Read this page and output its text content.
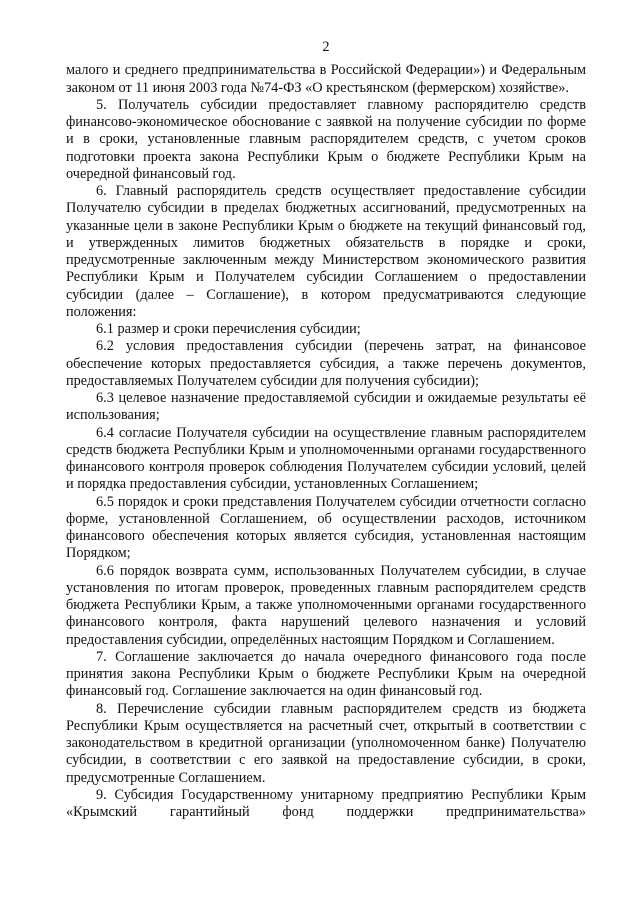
2

малого и среднего предпринимательства в Российской Федерации») и Федеральным законом от 11 июня 2003 года №74-ФЗ «О крестьянском (фермерском) хозяйстве».

5. Получатель субсидии предоставляет главному распорядителю средств финансово-экономическое обоснование с заявкой на получение субсидии по форме и в сроки, установленные главным распорядителем средств, с учетом сроков подготовки проекта закона Республики Крым о бюджете Республики Крым на очередной финансовый год.

6. Главный распорядитель средств осуществляет предоставление субсидии Получателю субсидии в пределах бюджетных ассигнований, предусмотренных на указанные цели в законе Республики Крым о бюджете на текущий финансовый год, и утвержденных лимитов бюджетных обязательств в порядке и сроки, предусмотренные заключенным между Министерством экономического развития Республики Крым и Получателем субсидии Соглашением о предоставлении субсидии (далее – Соглашение), в котором предусматриваются следующие положения:

6.1 размер и сроки перечисления субсидии;

6.2 условия предоставления субсидии (перечень затрат, на финансовое обеспечение которых предоставляется субсидия, а также перечень документов, предоставляемых Получателем субсидии для получения субсидии);

6.3 целевое назначение предоставляемой субсидии и ожидаемые результаты её использования;

6.4 согласие Получателя субсидии на осуществление главным распорядителем средств бюджета Республики Крым и уполномоченными органами государственного финансового контроля проверок соблюдения Получателем субсидии условий, целей и порядка предоставления субсидии, установленных Соглашением;

6.5 порядок и сроки представления Получателем субсидии отчетности согласно форме, установленной Соглашением, об осуществлении расходов, источником финансового обеспечения которых является субсидия, установленная настоящим Порядком;

6.6 порядок возврата сумм, использованных Получателем субсидии, в случае установления по итогам проверок, проведенных главным распорядителем средств бюджета Республики Крым, а также уполномоченными органами государственного финансового контроля, факта нарушений целевого назначения и условий предоставления субсидии, определённых настоящим Порядком и Соглашением.

7. Соглашение заключается до начала очередного финансового года после принятия закона Республики Крым о бюджете Республики Крым на очередной финансовый год. Соглашение заключается на один финансовый год.

8. Перечисление субсидии главным распорядителем средств из бюджета Республики Крым осуществляется на расчетный счет, открытый в соответствии с законодательством в кредитной организации (уполномоченном банке) Получателю субсидии, в соответствии с его заявкой на предоставление субсидии, в сроки, предусмотренные Соглашением.

9. Субсидия Государственному унитарному предприятию Республики Крым «Крымский гарантийный фонд поддержки предпринимательства»
